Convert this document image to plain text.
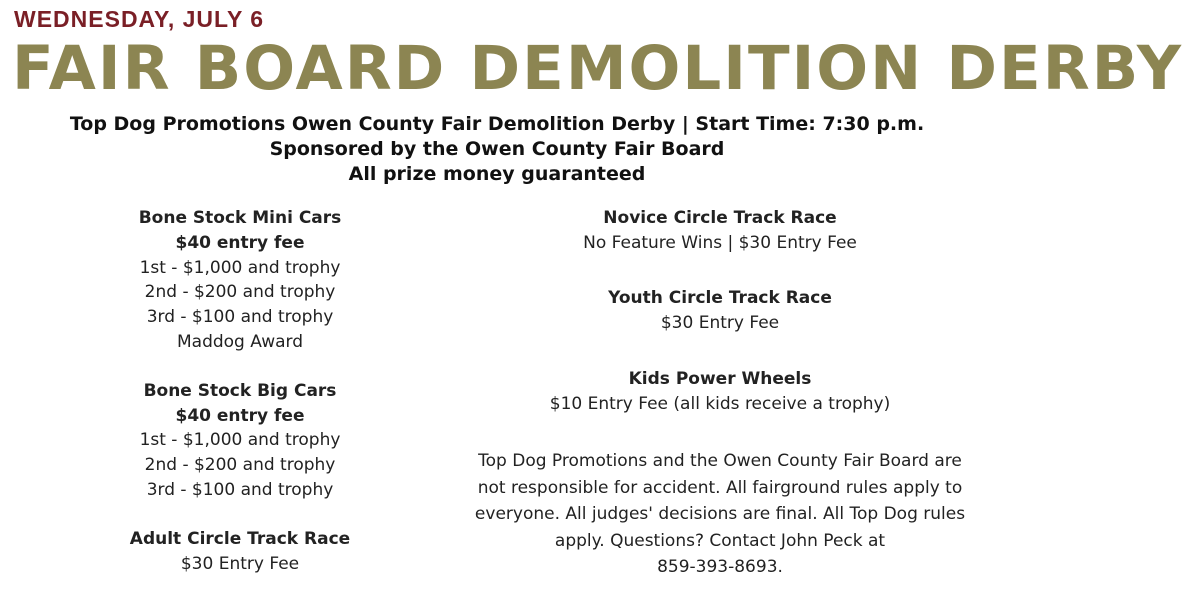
WEDNESDAY, JULY 6
FAIR BOARD DEMOLITION DERBY
Top Dog Promotions Owen County Fair Demolition Derby | Start Time: 7:30 p.m.
Sponsored by the Owen County Fair Board
All prize money guaranteed
Bone Stock Mini Cars
$40 entry fee
1st - $1,000 and trophy
2nd - $200 and trophy
3rd - $100 and trophy
Maddog Award
Bone Stock Big Cars
$40 entry fee
1st - $1,000 and trophy
2nd - $200 and trophy
3rd - $100 and trophy
Adult Circle Track Race
$30 Entry Fee
Novice Circle Track Race
No Feature Wins | $30 Entry Fee
Youth Circle Track Race
$30 Entry Fee
Kids Power Wheels
$10 Entry Fee (all kids receive a trophy)
Top Dog Promotions and the Owen County Fair Board are
not responsible for accident. All fairground rules apply to
everyone. All judges' decisions are final. All Top Dog rules
apply. Questions? Contact John Peck at
859-393-8693.
